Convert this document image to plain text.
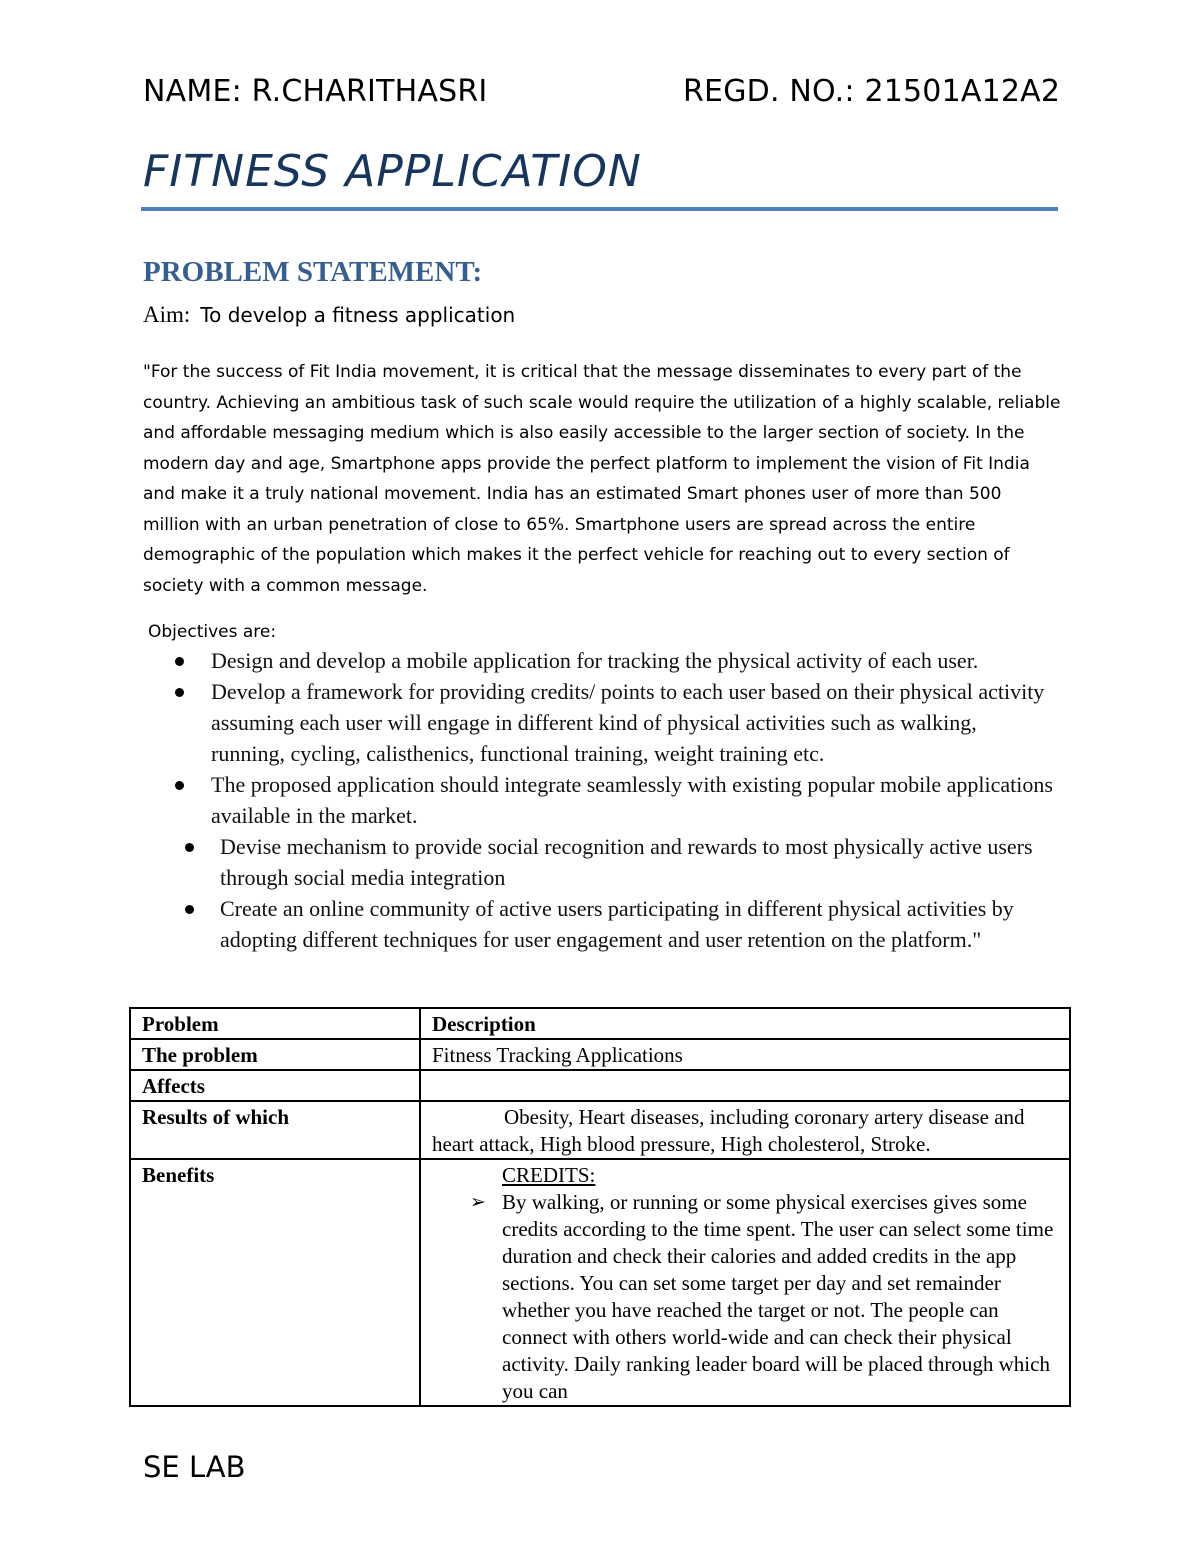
NAME: R.CHARITHASRI	REGD. NO.: 21501A12A2
FITNESS APPLICATION
PROBLEM STATEMENT:
Aim: To develop a fitness application
"For the success of Fit India movement, it is critical that the message disseminates to every part of the country. Achieving an ambitious task of such scale would require the utilization of a highly scalable, reliable and affordable messaging medium which is also easily accessible to the larger section of society. In the modern day and age, Smartphone apps provide the perfect platform to implement the vision of Fit India and make it a truly national movement. India has an estimated Smart phones user of more than 500 million with an urban penetration of close to 65%. Smartphone users are spread across the entire demographic of the population which makes it the perfect vehicle for reaching out to every section of society with a common message.
Objectives are:
Design and develop a mobile application for tracking the physical activity of each user.
Develop a framework for providing credits/ points to each user based on their physical activity assuming each user will engage in different kind of physical activities such as walking, running, cycling, calisthenics, functional training, weight training etc.
The proposed application should integrate seamlessly with existing popular mobile applications available in the market.
Devise mechanism to provide social recognition and rewards to most physically active users through social media integration
Create an online community of active users participating in different physical activities by adopting different techniques for user engagement and user retention on the platform."
Problem	Description
The problem	Fitness Tracking Applications
Affects	
Results of which	Obesity, Heart diseases, including coronary artery disease and heart attack, High blood pressure, High cholesterol, Stroke.

Benefits	CREDITS:
➢ By walking, or running or some physical exercises gives some credits according to the time spent. The user can select some time duration and check their calories and added credits in the app sections. You can set some target per day and set remainder whether you have reached the target or not. The people can connect with others world-wide and can check their physical activity. Daily ranking leader board will be placed through which you can
SE LAB
